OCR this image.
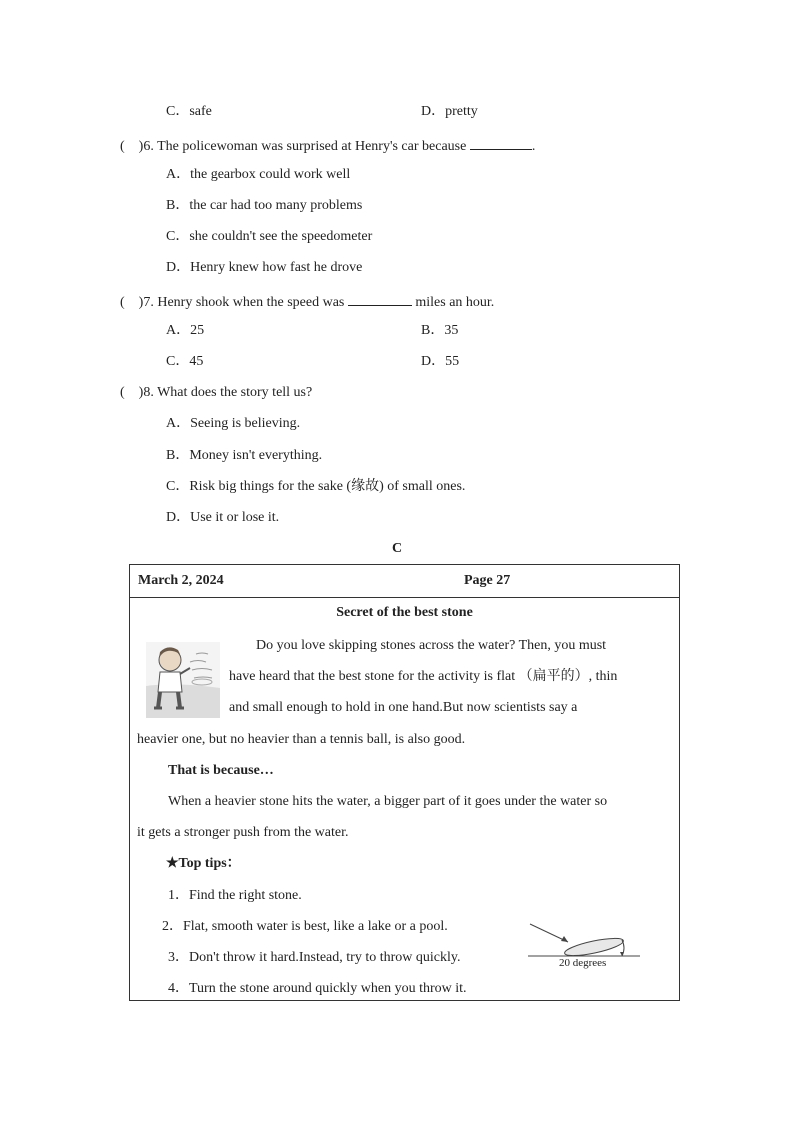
C．safe	D．pretty
( )6. The policewoman was surprised at Henry's car because	.
A．the gearbox could work well
B．the car had too many problems
C．she couldn't see the speedometer
D．Henry knew how fast he drove
( )7. Henry shook when the speed was	miles an hour.
A．25	B．35
C．45	D．55
( )8. What does the story tell us?
A．Seeing is believing.
B．Money isn't everything.
C．Risk big things for the sake (缘故) of small ones.
D．Use it or lose it.
C
March 2, 2024	Page 27
Secret of the best stone
Do you love skipping stones across the water? Then, you must
have heard that the best stone for the activity is flat （扁平的）, thin
and small enough to hold in one hand.But now scientists say a
heavier one, but no heavier than a tennis ball, is also good.
That is because…
When a heavier stone hits the water, a bigger part of it goes under the water so
it gets a stronger push from the water.
★Top tips：
1．Find the right stone.
2．Flat, smooth water is best, like a lake or a pool.
3．Don't throw it hard.Instead, try to throw quickly.
4．Turn the stone around quickly when you throw it.
20 degrees
